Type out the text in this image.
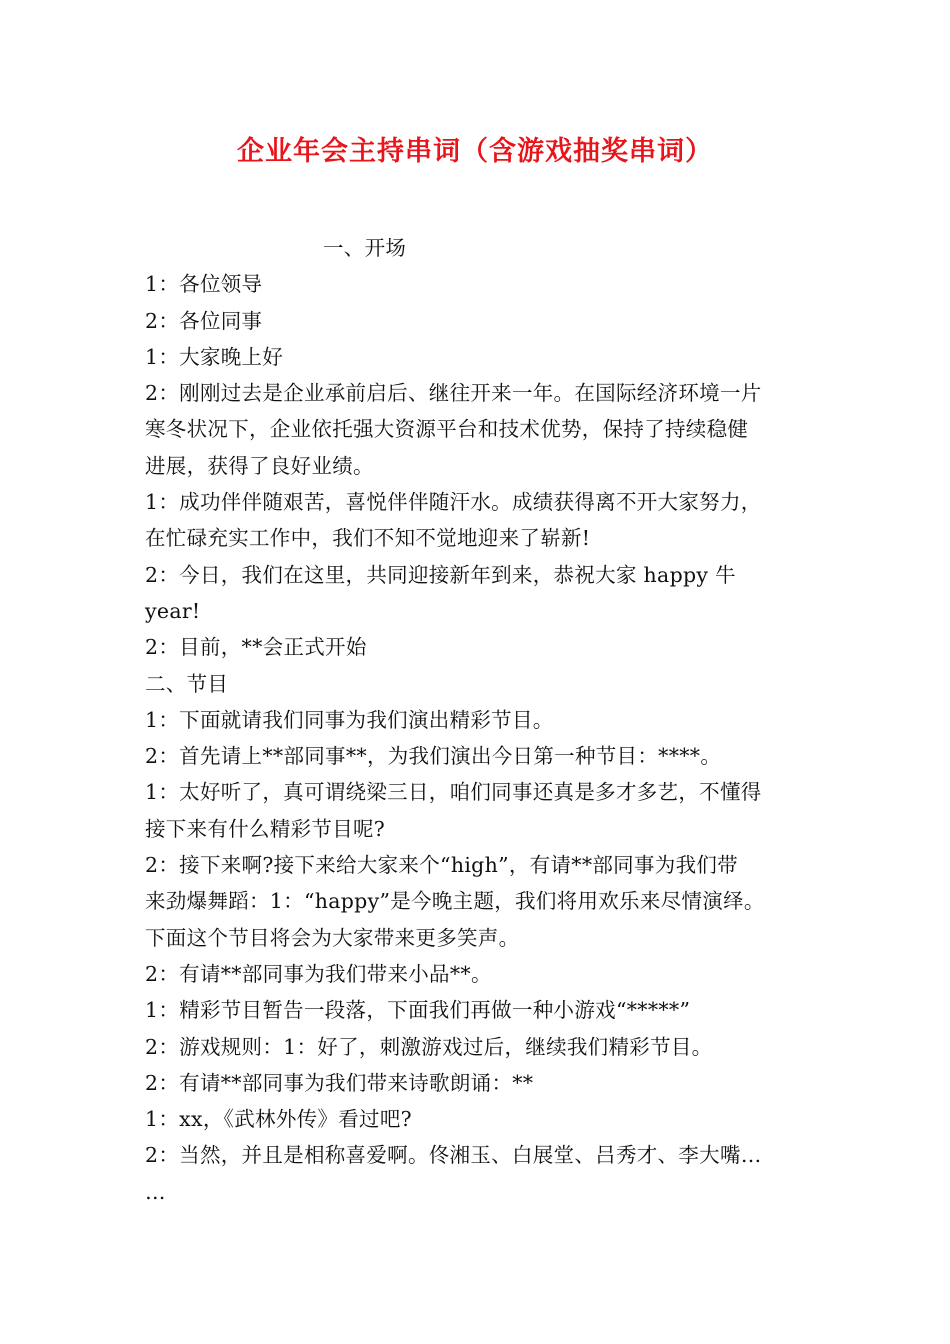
企业年会主持串词（含游戏抽奖串词）
一、开场
1：各位领导
2：各位同事
1：大家晚上好
2：刚刚过去是企业承前启后、继往开来一年。在国际经济环境一片
寒冬状况下，企业依托强大资源平台和技术优势，保持了持续稳健
进展，获得了良好业绩。
1：成功伴伴随艰苦，喜悦伴伴随汗水。成绩获得离不开大家努力，
在忙碌充实工作中，我们不知不觉地迎来了崭新!
2：今日，我们在这里，共同迎接新年到来，恭祝大家 happy 牛
year!
2：目前，**会正式开始
二、节目
1：下面就请我们同事为我们演出精彩节目。
2：首先请上**部同事**，为我们演出今日第一种节目：****。
1：太好听了，真可谓绕梁三日，咱们同事还真是多才多艺，不懂得
接下来有什么精彩节目呢?
2：接下来啊?接下来给大家来个“high”，有请**部同事为我们带
来劲爆舞蹈：1：“happy”是今晚主题，我们将用欢乐来尽情演绎。
下面这个节目将会为大家带来更多笑声。
2：有请**部同事为我们带来小品**。
1：精彩节目暂告一段落，下面我们再做一种小游戏“*****”
2：游戏规则：1：好了，刺激游戏过后，继续我们精彩节目。
2：有请**部同事为我们带来诗歌朗诵：**
1：xx，《武林外传》看过吧?
2：当然，并且是相称喜爱啊。佟湘玉、白展堂、吕秀才、李大嘴…
…
